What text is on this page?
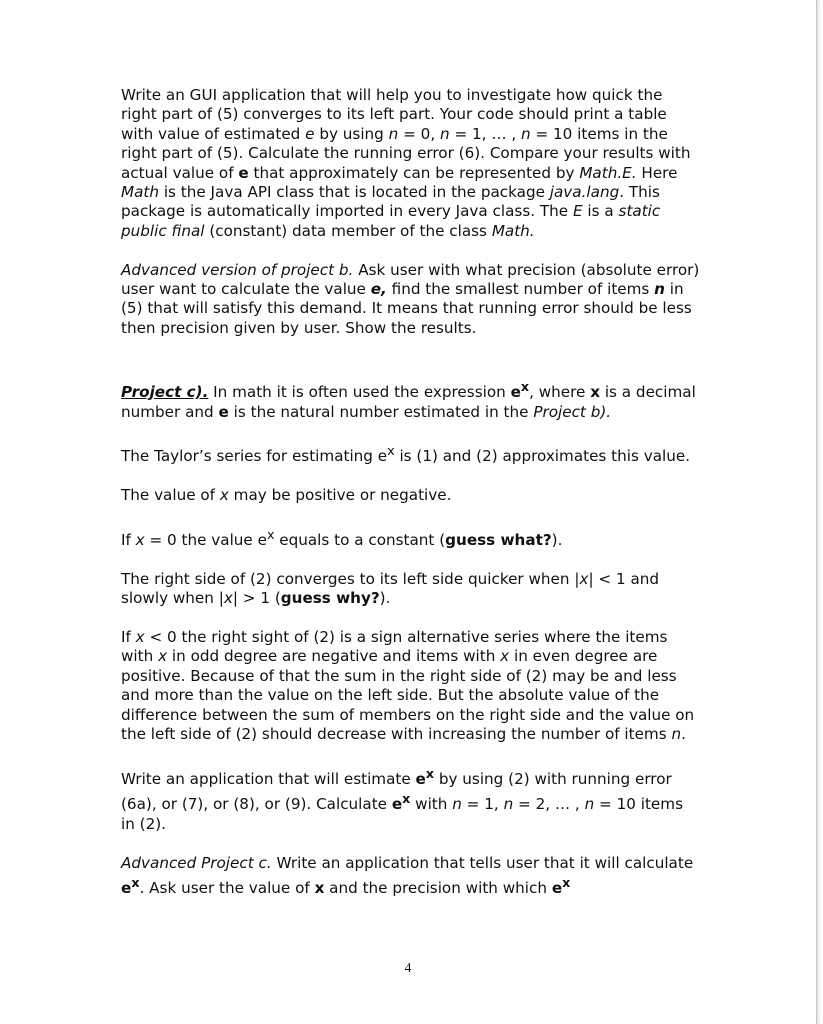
Write an GUI application that will help you to investigate how quick the right part of (5) converges to its left part. Your code should print a table with value of estimated e by using n = 0, n = 1, … , n = 10 items in the right part of (5). Calculate the running error (6). Compare your results with actual value of e that approximately can be represented by Math.E. Here Math is the Java API class that is located in the package java.lang. This package is automatically imported in every Java class. The E is a static public final (constant) data member of the class Math.

Advanced version of project b. Ask user with what precision (absolute error) user want to calculate the value e, find the smallest number of items n in (5) that will satisfy this demand. It means that running error should be less then precision given by user. Show the results.

Project c). In math it is often used the expression $e^x$, where x is a decimal number and e is the natural number estimated in the Project b).

The Taylor’s series for estimating $e^x$ is (1) and (2) approximates this value.

The value of x may be positive or negative.

If x = 0 the value $e^x$ equals to a constant (guess what?).

The right side of (2) converges to its left side quicker when |x| < 1 and slowly when |x| > 1 (guess why?).

If x < 0 the right sight of (2) is a sign alternative series where the items with x in odd degree are negative and items with x in even degree are positive. Because of that the sum in the right side of (2) may be and less and more than the value on the left side. But the absolute value of the difference between the sum of members on the right side and the value on the left side of (2) should decrease with increasing the number of items n.

Write an application that will estimate $e^x$ by using (2) with running error (6a), or (7), or (8), or (9). Calculate $e^x$ with n = 1, n = 2, … , n = 10 items in (2).

Advanced Project c. Write an application that tells user that it will calculate $e^x$. Ask user the value of x and the precision with which $e^x$

4
